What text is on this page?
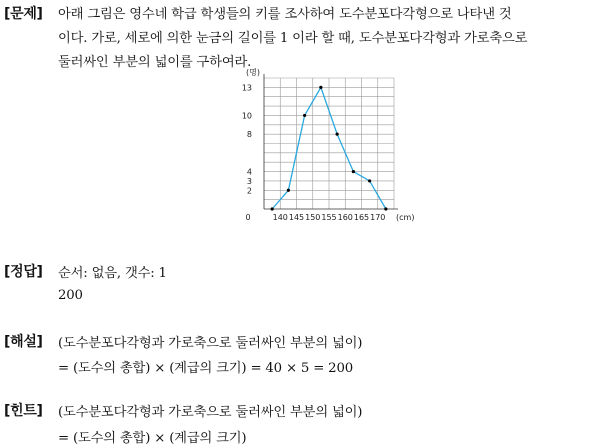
[문제] 아래 그림은 영수네 학급 학생들의 키를 조사하여 도수분포다각형으로 나타낸 것
이다. 가로, 세로에 의한 눈금의 길이를 1 이라 할 때, 도수분포다각형과 가로축으로
둘러싸인 부분의 넓이를 구하여라.
2
3
4
8
10
13
140 145 150 155 160 165 170
0
(명)
(cm)
[정답] 순서: 없음, 갯수: 1
200
[해설] (도수분포다각형과 가로축으로 둘러싸인 부분의 넓이)
= (도수의 총합) × (계급의 크기) = 40 × 5 = 200
[힌트] (도수분포다각형과 가로축으로 둘러싸인 부분의 넓이)
= (도수의 총합) × (계급의 크기)
